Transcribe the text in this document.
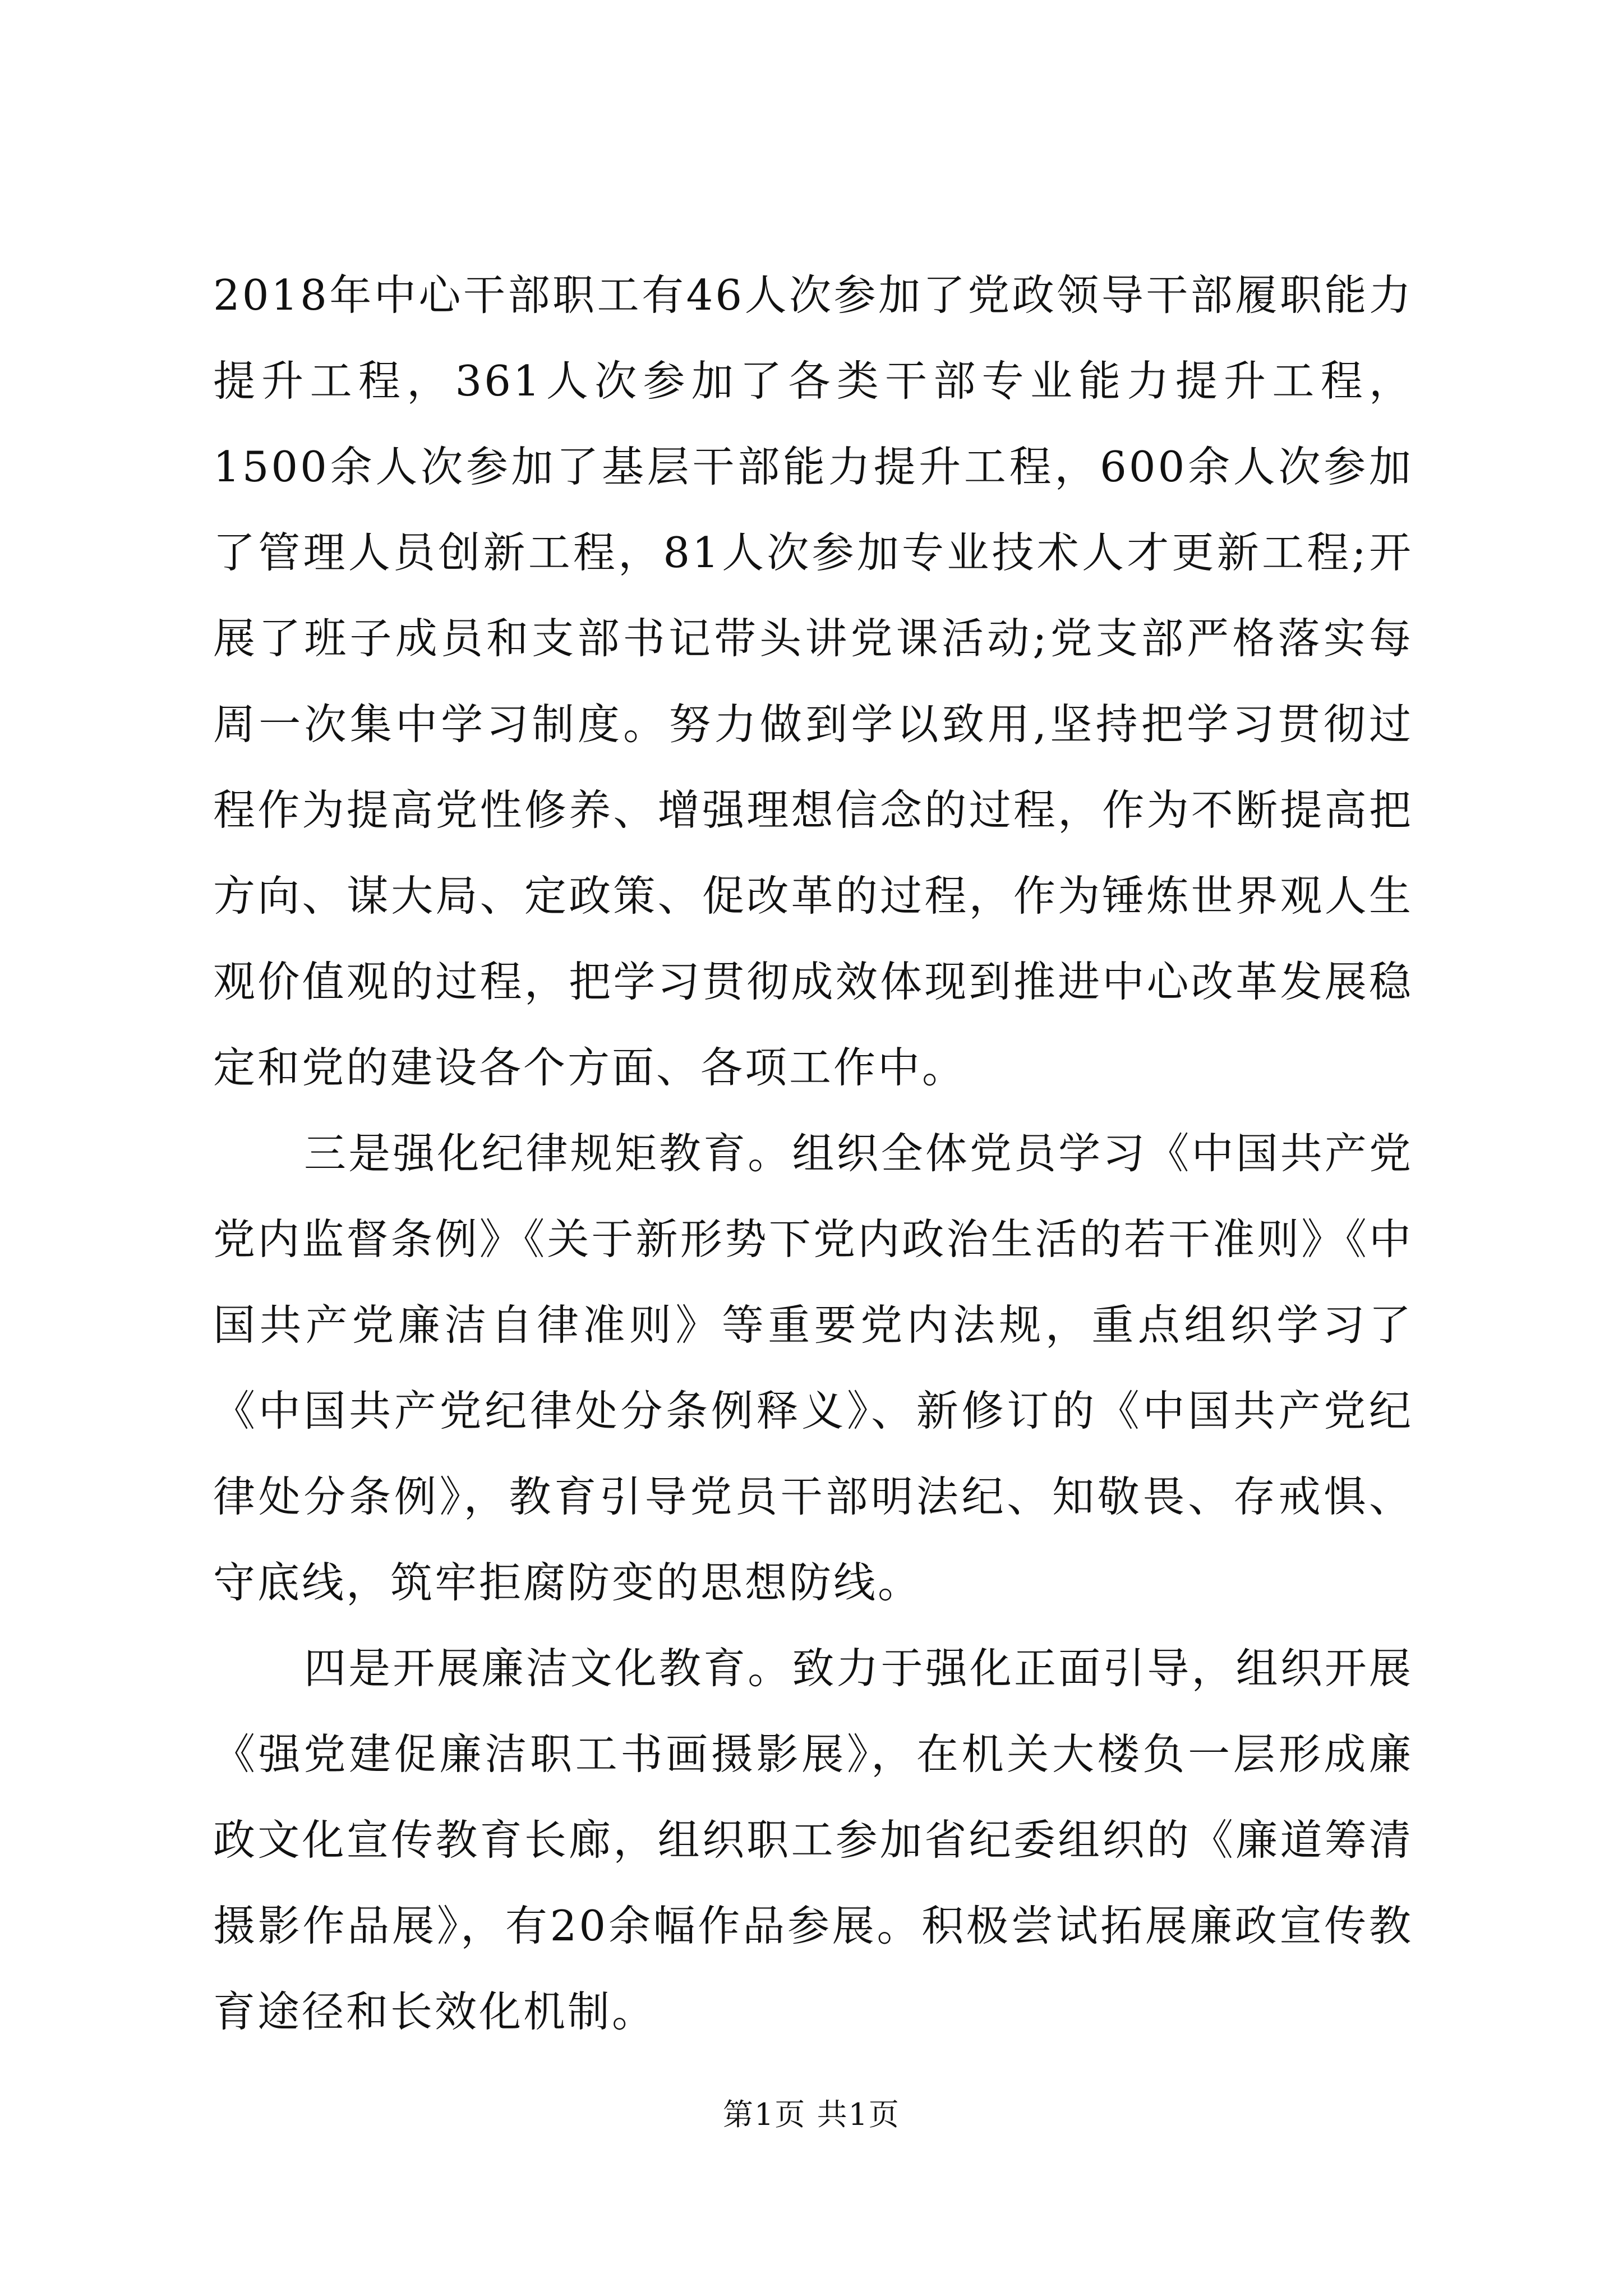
2018年中心干部职工有46人次参加了党政领导干部履职能力提升工程，361人次参加了各类干部专业能力提升工程，1500余人次参加了基层干部能力提升工程，600余人次参加了管理人员创新工程，81人次参加专业技术人才更新工程;开展了班子成员和支部书记带头讲党课活动;党支部严格落实每周一次集中学习制度。努力做到学以致用,坚持把学习贯彻过程作为提高党性修养、增强理想信念的过程，作为不断提高把方向、谋大局、定政策、促改革的过程，作为锤炼世界观人生观价值观的过程，把学习贯彻成效体现到推进中心改革发展稳定和党的建设各个方面、各项工作中。

三是强化纪律规矩教育。组织全体党员学习《中国共产党党内监督条例》《关于新形势下党内政治生活的若干准则》《中国共产党廉洁自律准则》等重要党内法规，重点组织学习了《中国共产党纪律处分条例释义》、新修订的《中国共产党纪律处分条例》，教育引导党员干部明法纪、知敬畏、存戒惧、守底线，筑牢拒腐防变的思想防线。

四是开展廉洁文化教育。致力于强化正面引导，组织开展《强党建促廉洁职工书画摄影展》，在机关大楼负一层形成廉政文化宣传教育长廊，组织职工参加省纪委组织的《廉道筹清摄影作品展》，有20余幅作品参展。积极尝试拓展廉政宣传教育途径和长效化机制。

第1页 共1页
